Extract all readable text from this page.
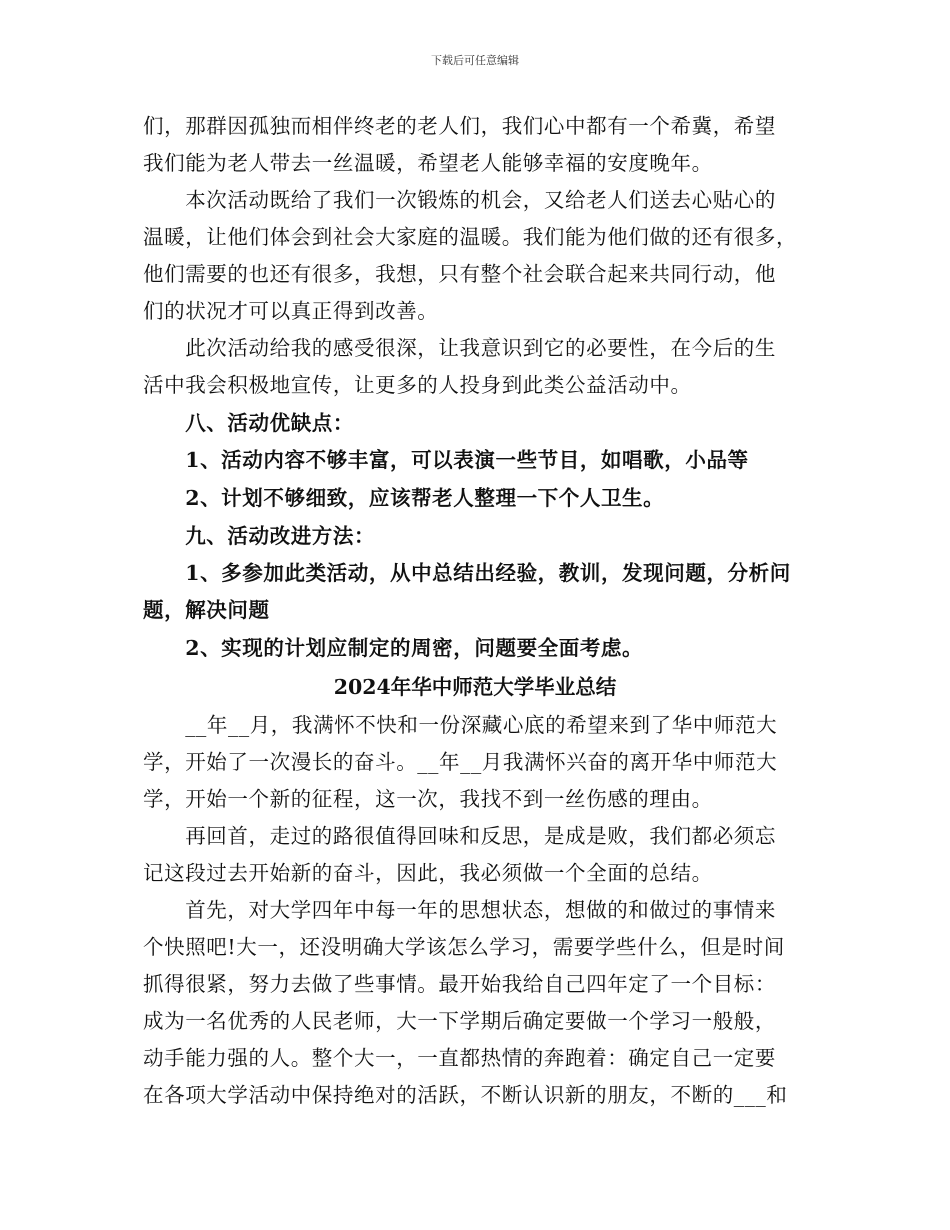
下载后可任意编辑
们，那群因孤独而相伴终老的老人们，我们心中都有一个希冀，希望
我们能为老人带去一丝温暖，希望老人能够幸福的安度晚年。
　　本次活动既给了我们一次锻炼的机会，又给老人们送去心贴心的
温暖，让他们体会到社会大家庭的温暖。我们能为他们做的还有很多，
他们需要的也还有很多，我想，只有整个社会联合起来共同行动，他
们的状况才可以真正得到改善。
　　此次活动给我的感受很深，让我意识到它的必要性，在今后的生
活中我会积极地宣传，让更多的人投身到此类公益活动中。
　　八、活动优缺点：
　　1、活动内容不够丰富，可以表演一些节目，如唱歌，小品等
　　2、计划不够细致，应该帮老人整理一下个人卫生。
　　九、活动改进方法：
　　1、多参加此类活动，从中总结出经验，教训，发现问题，分析问
题，解决问题
　　2、实现的计划应制定的周密，问题要全面考虑。
2024年华中师范大学毕业总结
　　__年__月，我满怀不快和一份深藏心底的希望来到了华中师范大
学，开始了一次漫长的奋斗。__年__月我满怀兴奋的离开华中师范大
学，开始一个新的征程，这一次，我找不到一丝伤感的理由。
　　再回首，走过的路很值得回味和反思，是成是败，我们都必须忘
记这段过去开始新的奋斗，因此，我必须做一个全面的总结。
　　首先，对大学四年中每一年的思想状态，想做的和做过的事情来
个快照吧!大一，还没明确大学该怎么学习，需要学些什么，但是时间
抓得很紧，努力去做了些事情。最开始我给自己四年定了一个目标：
成为一名优秀的人民老师，大一下学期后确定要做一个学习一般般，
动手能力强的人。整个大一，一直都热情的奔跑着：确定自己一定要
在各项大学活动中保持绝对的活跃，不断认识新的朋友，不断的___和
